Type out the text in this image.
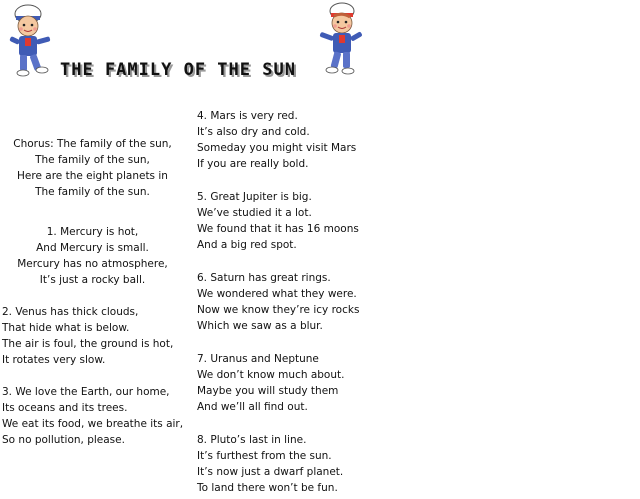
THE FAMILY OF THE SUN
Chorus: The family of the sun,
The family of the sun,
Here are the eight planets in
The family of the sun.
1. Mercury is hot,
And Mercury is small.
Mercury has no atmosphere,
It’s just a rocky ball.
2. Venus has thick clouds,
That hide what is below.
The air is foul, the ground is hot,
It rotates very slow.
3. We love the Earth, our home,
Its oceans and its trees.
We eat its food, we breathe its air,
So no pollution, please.
4. Mars is very red.
It’s also dry and cold.
Someday you might visit Mars
If you are really bold.
5. Great Jupiter is big.
We’ve studied it a lot.
We found that it has 16 moons
And a big red spot.
6. Saturn has great rings.
We wondered what they were.
Now we know they’re icy rocks
Which we saw as a blur.
7. Uranus and Neptune
We don’t know much about.
Maybe you will study them
And we’ll all find out.
8. Pluto’s last in line.
It’s furthest from the sun.
It’s now just a dwarf planet.
To land there won’t be fun.
